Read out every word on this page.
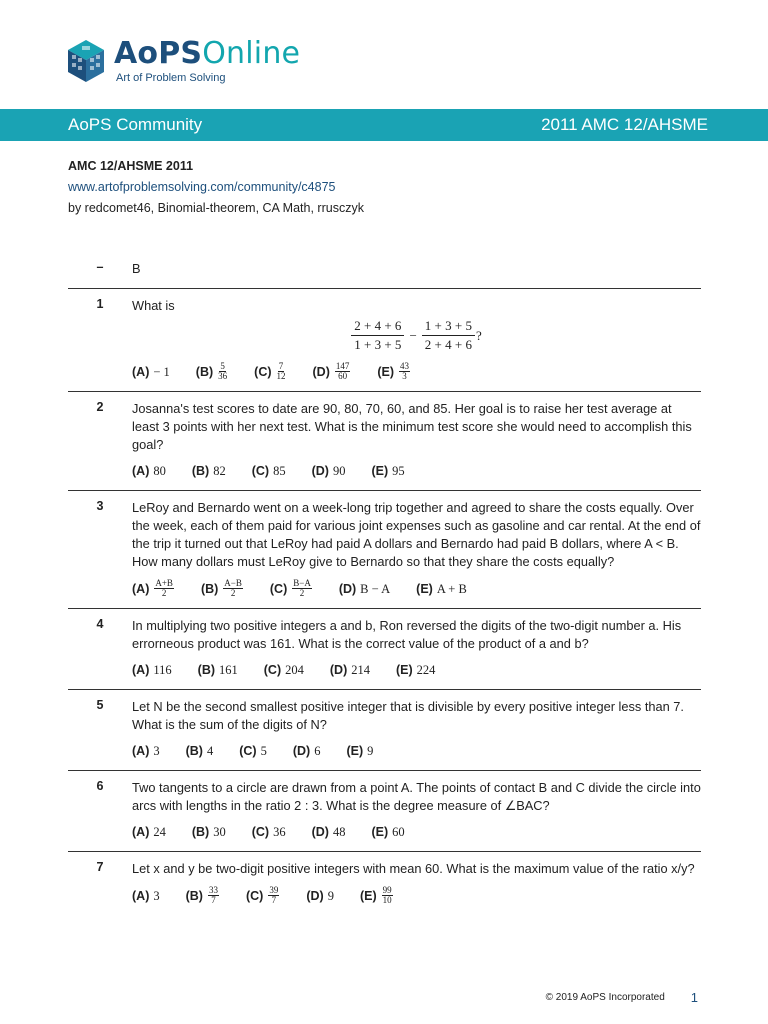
AoPSOnline
Art of Problem Solving
AoPS Community	2011 AMC 12/AHSME
AMC 12/AHSME 2011
www.artofproblemsolving.com/community/c4875
by redcomet46, Binomial-theorem, CA Math, rrusczyk
–	B

1	What is

$\frac{2 + 4 + 6}{1 + 3 + 5} - \frac{1 + 3 + 5}{2 + 4 + 6}$ ?
(A) − 1 $(B) \frac{5}{36} (C) \frac{7}{12} (D) \frac{147}{60} (E) \frac{43}{3}$
2	Josanna's test scores to date are 90, 80, 70, 60, and 85. Her goal is to raise her test average at least 3 points with her next test. What is the minimum test score she would need to accomplish this goal?

(A) 80 (B) 82 (C) 85 (D) 90 (E) 95
3	LeRoy and Bernardo went on a week-long trip together and agreed to share the costs equally. Over the week, each of them paid for various joint expenses such as gasoline and car rental. At the end of the trip it turned out that LeRoy had paid A dollars and Bernardo had paid B dollars, where A < B. How many dollars must LeRoy give to Bernardo so that they share the costs equally?

$(A) \frac{A+B}{2} (B) \frac{A-B}{2} (C) \frac{B-A}{2} (D) B - A$ (E) A + B
4	In multiplying two positive integers a and b, Ron reversed the digits of the two-digit number a. His errorneous product was 161. What is the correct value of the product of a and b?

(A) 116 (B) 161 (C) 204 (D) 214 (E) 224
5	Let N be the second smallest positive integer that is divisible by every positive integer less than 7. What is the sum of the digits of N?

(A) 3 (B) 4 (C) 5 (D) 6 (E) 9
6	Two tangents to a circle are drawn from a point A. The points of contact B and C divide the circle into arcs with lengths in the ratio 2 : 3. What is the degree measure of ∠BAC?

(A) 24 (B) 30 (C) 36 (D) 48 (E) 60
7	Let x and y be two-digit positive integers with mean 60. What is the maximum value of the ratio x/y?

(A) 3 $(B) \frac{33}{7} (C) \frac{39}{7} (D)$ 9 $(E) \frac{99}{10}$
© 2019 AoPS Incorporated 1
